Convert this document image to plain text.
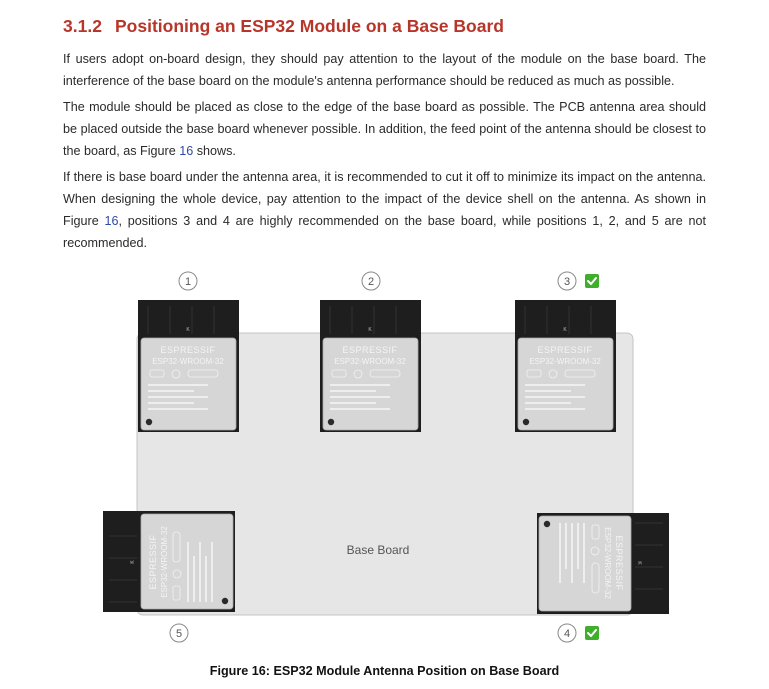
3.1.2 Positioning an ESP32 Module on a Base Board

If users adopt on-board design, they should pay attention to the layout of the module on the base board. The interference of the base board on the module's antenna performance should be reduced as much as possible.

The module should be placed as close to the edge of the base board as possible. The PCB antenna area should be placed outside the base board whenever possible. In addition, the feed point of the antenna should be closest to the board, as Figure 16 shows.

If there is base board under the antenna area, it is recommended to cut it off to minimize its impact on the antenna. When designing the whole device, pay attention to the impact of the device shell on the antenna. As shown in Figure 16, positions 3 and 4 are highly recommended on the base board, while positions 1, 2, and 5 are not recommended.

Base Board
K
ESPRESSIF
ESP32-WROOM-32
K
ESPRESSIF
ESP32-WROOM-32
K
ESPRESSIF
ESP32-WROOM-32
K ESPRESSIF ESP32-WROOM-32	K
ESPRESSIF
ESP32-WROOM-32
1	2	3
4
5

Figure 16: ESP32 Module Antenna Position on Base Board
